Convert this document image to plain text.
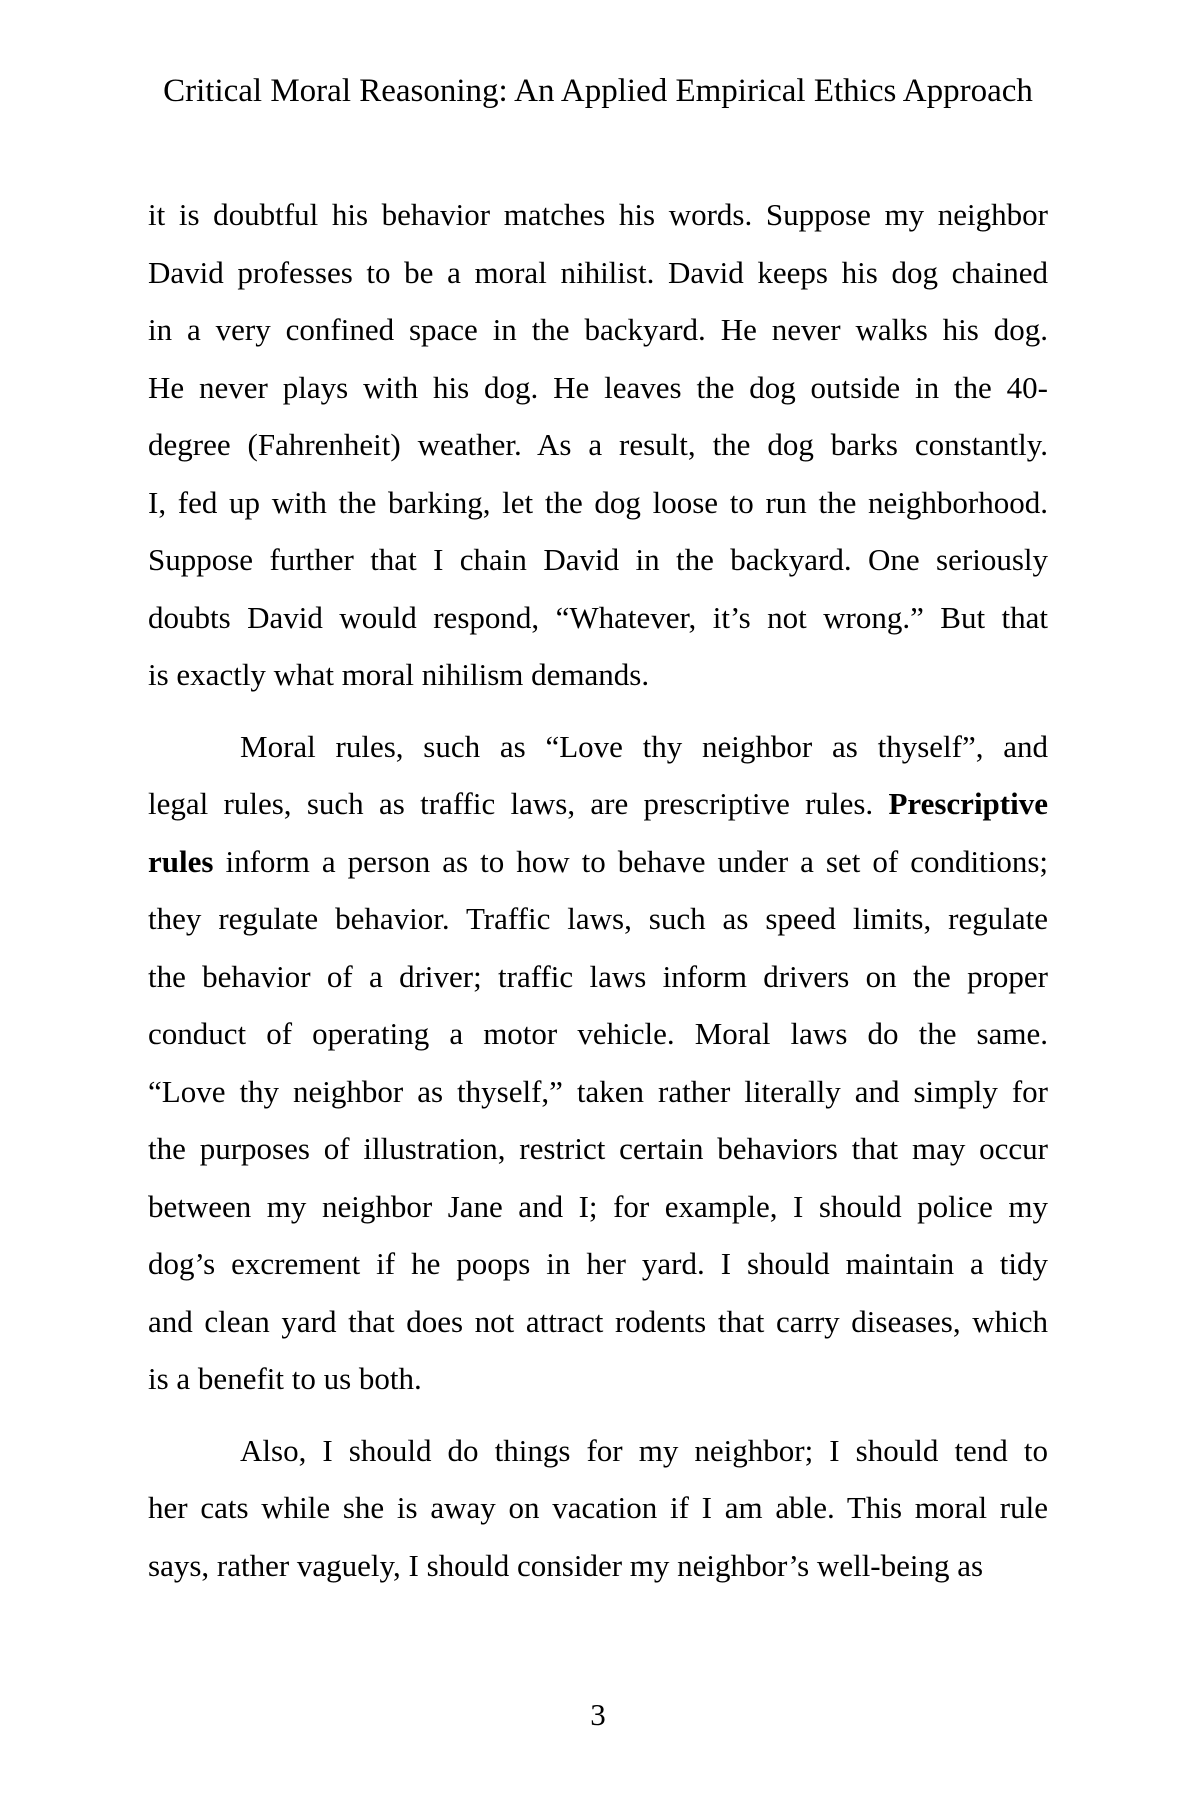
Critical Moral Reasoning: An Applied Empirical Ethics Approach
it is doubtful his behavior matches his words. Suppose my neighbor
David professes to be a moral nihilist. David keeps his dog chained
in a very confined space in the backyard. He never walks his dog.
He never plays with his dog. He leaves the dog outside in the 40-
degree (Fahrenheit) weather. As a result, the dog barks constantly.
I, fed up with the barking, let the dog loose to run the neighborhood.
Suppose further that I chain David in the backyard. One seriously
doubts David would respond, “Whatever, it’s not wrong.” But that
is exactly what moral nihilism demands.
Moral rules, such as “Love thy neighbor as thyself”, and
legal rules, such as traffic laws, are prescriptive rules. Prescriptive
rules inform a person as to how to behave under a set of conditions;
they regulate behavior. Traffic laws, such as speed limits, regulate
the behavior of a driver; traffic laws inform drivers on the proper
conduct of operating a motor vehicle. Moral laws do the same.
“Love thy neighbor as thyself,” taken rather literally and simply for
the purposes of illustration, restrict certain behaviors that may occur
between my neighbor Jane and I; for example, I should police my
dog’s excrement if he poops in her yard. I should maintain a tidy
and clean yard that does not attract rodents that carry diseases, which
is a benefit to us both.
Also, I should do things for my neighbor; I should tend to
her cats while she is away on vacation if I am able. This moral rule
says, rather vaguely, I should consider my neighbor’s well-being as
3
